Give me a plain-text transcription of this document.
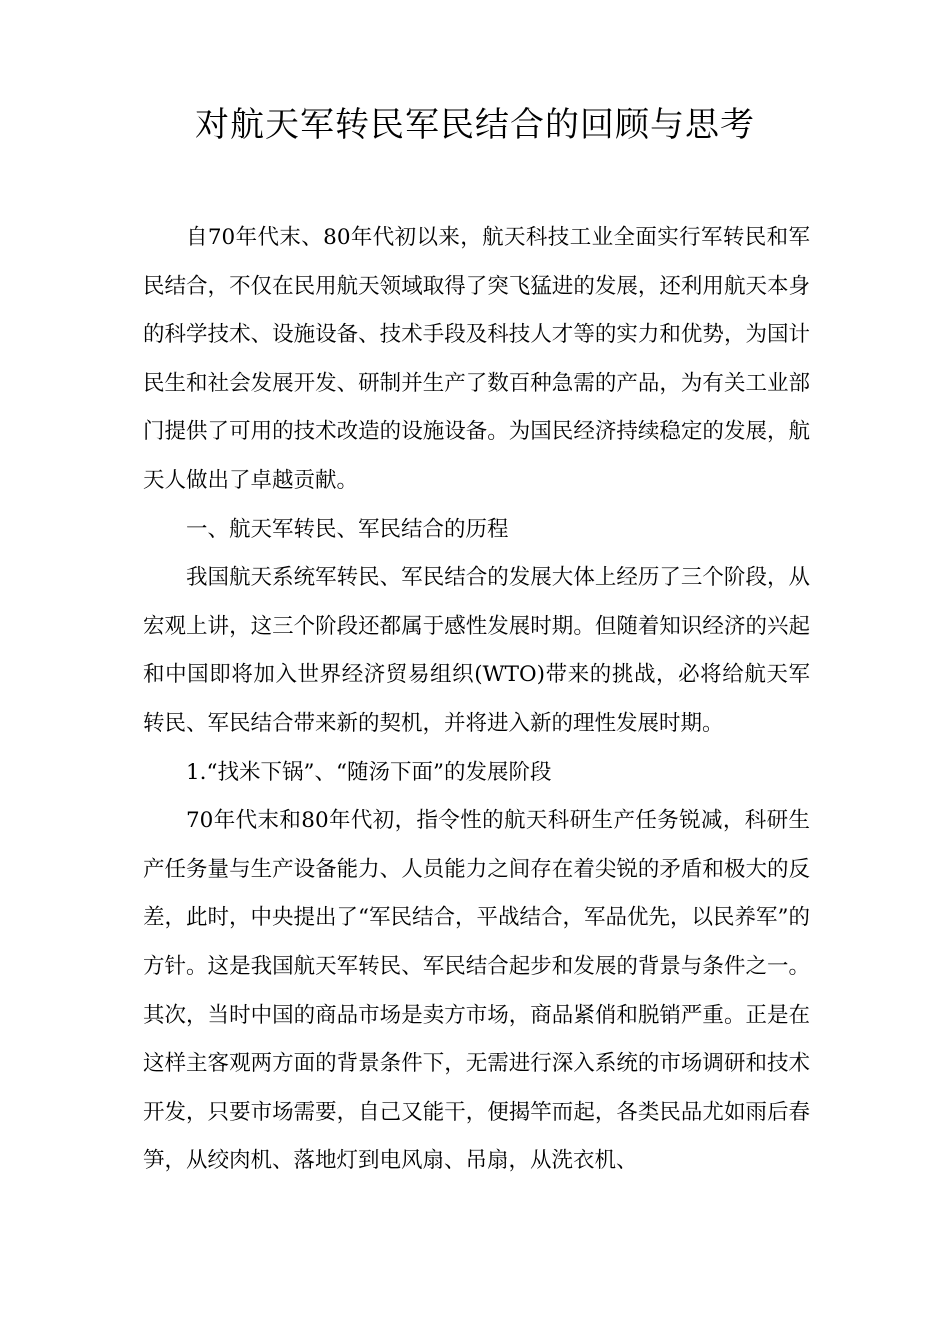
对航天军转民军民结合的回顾与思考

自70年代末、80年代初以来，航天科技工业全面实行军转民和军民结合，不仅在民用航天领域取得了突飞猛进的发展，还利用航天本身的科学技术、设施设备、技术手段及科技人才等的实力和优势，为国计民生和社会发展开发、研制并生产了数百种急需的产品，为有关工业部门提供了可用的技术改造的设施设备。为国民经济持续稳定的发展，航天人做出了卓越贡献。

一、航天军转民、军民结合的历程

我国航天系统军转民、军民结合的发展大体上经历了三个阶段，从宏观上讲，这三个阶段还都属于感性发展时期。但随着知识经济的兴起和中国即将加入世界经济贸易组织(WTO)带来的挑战，必将给航天军转民、军民结合带来新的契机，并将进入新的理性发展时期。

1.“找米下锅”、“随汤下面”的发展阶段

70年代末和80年代初，指令性的航天科研生产任务锐减，科研生产任务量与生产设备能力、人员能力之间存在着尖锐的矛盾和极大的反差，此时，中央提出了“军民结合，平战结合，军品优先，以民养军”的方针。这是我国航天军转民、军民结合起步和发展的背景与条件之一。其次，当时中国的商品市场是卖方市场，商品紧俏和脱销严重。正是在这样主客观两方面的背景条件下，无需进行深入系统的市场调研和技术开发，只要市场需要，自己又能干，便揭竿而起，各类民品尤如雨后春笋，从绞肉机、落地灯到电风扇、吊扇，从洗衣机、
